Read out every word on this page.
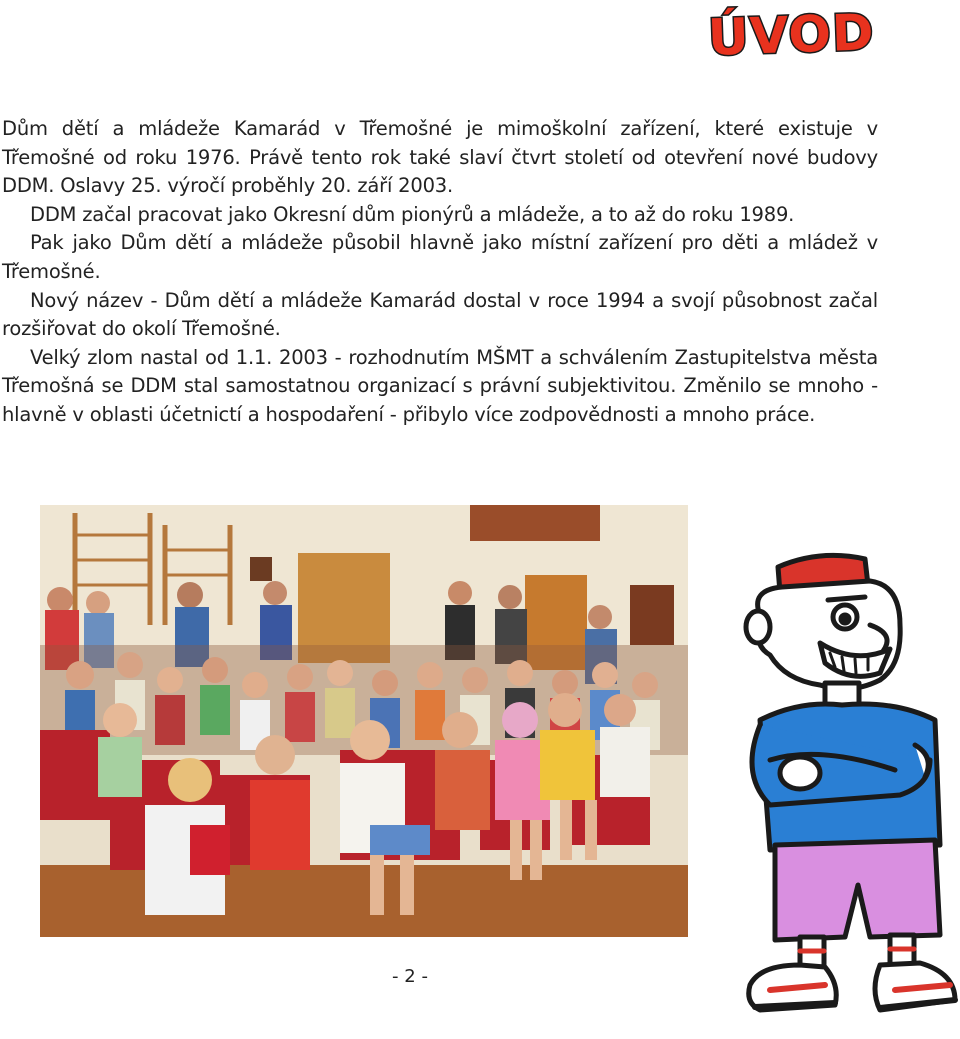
ÚVOD

Dům dětí a mládeže Kamarád v Třemošné je mimoškolní zařízení, které existuje v Třemošné od roku 1976. Právě tento rok také slaví čtvrt století od otevření nové budovy DDM. Oslavy 25. výročí proběhly 20. září 2003.

DDM začal pracovat jako Okresní dům pionýrů a mládeže, a to až do roku 1989.

Pak jako Dům dětí a mládeže působil hlavně jako místní zařízení pro děti a mládež v Třemošné.

Nový název - Dům dětí a mládeže Kamarád dostal v roce 1994 a svojí působnost začal rozšiřovat do okolí Třemošné.

Velký zlom nastal od 1.1. 2003 - rozhodnutím MŠMT a schválením Zastupitelstva města Třemošná se DDM stal samostatnou organizací s právní subjektivitou. Změnilo se mnoho - hlavně v oblasti účetnictí a hospodaření - přibylo více zodpovědnosti a mnoho práce.

- 2 -
